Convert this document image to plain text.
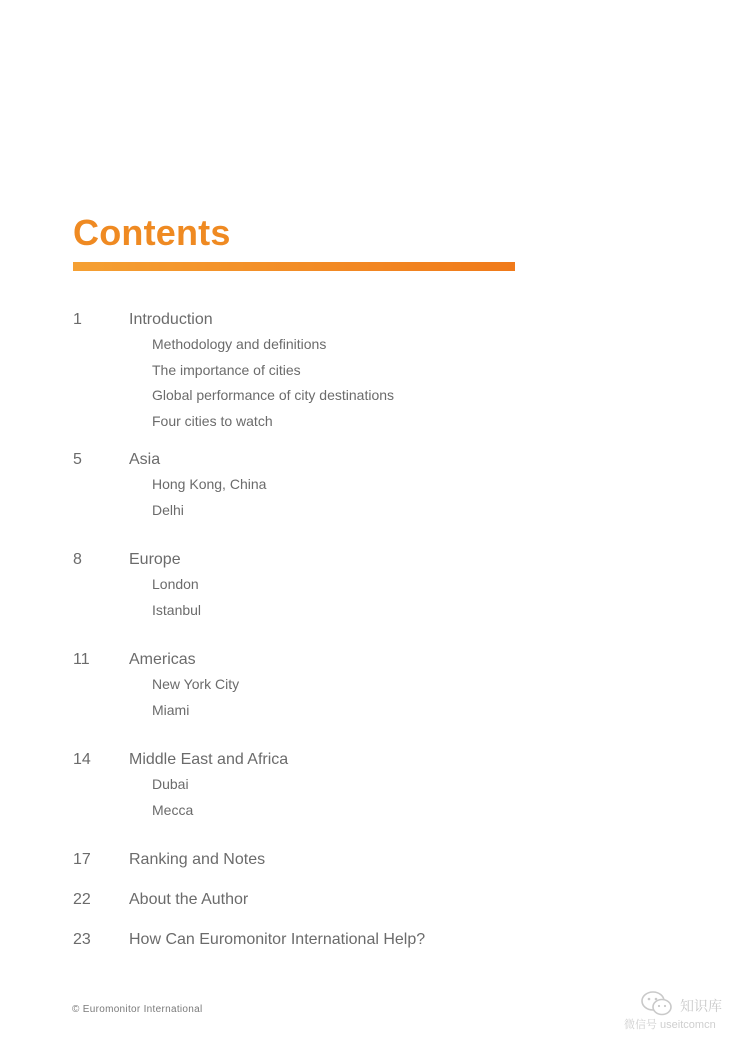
Contents
1	Introduction
Methodology and definitions
The importance of cities
Global performance of city destinations
Four cities to watch
5	Asia
Hong Kong, China
Delhi
8	Europe
London
Istanbul
11 Americas
New York City
Miami
14 Middle East and Africa
Dubai
Mecca
17 Ranking and Notes
22 About the Author
23 How Can Euromonitor International Help?
© Euromonitor International	知识库
微信号 useitcomcn
